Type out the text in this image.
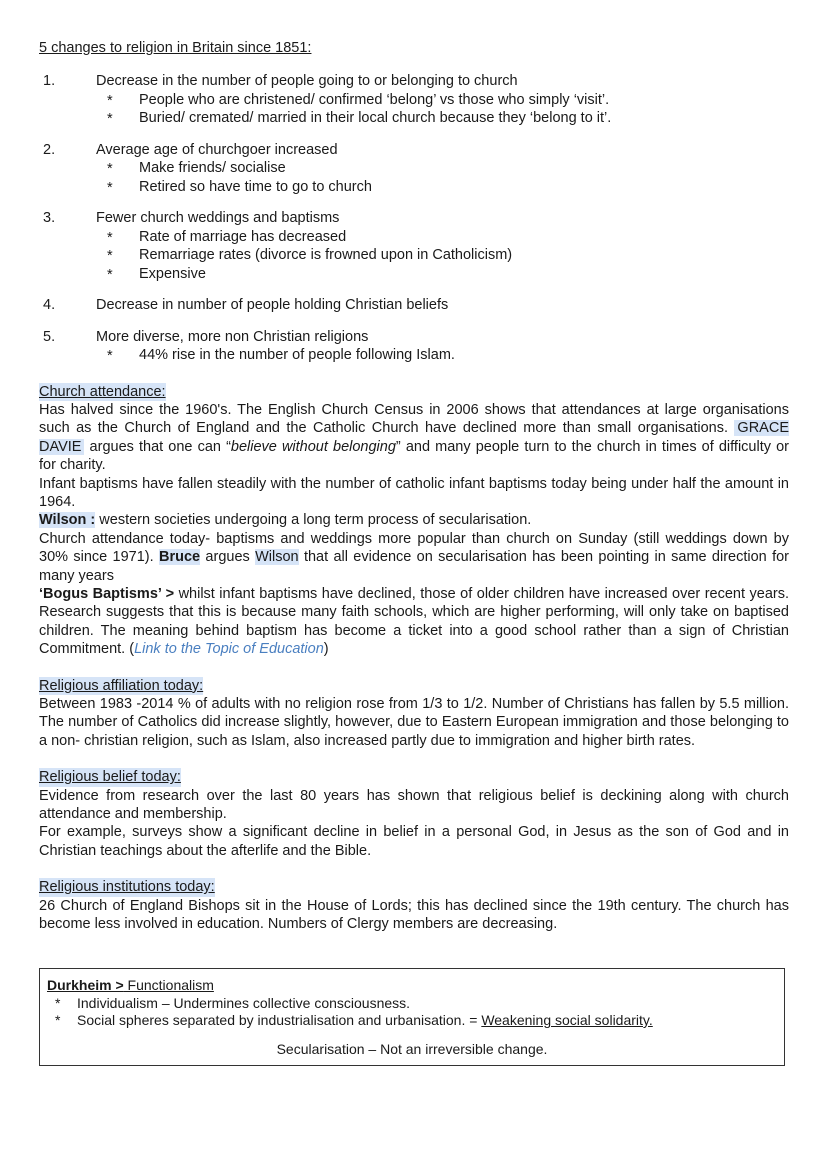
5 changes to religion in Britain since 1851:
1.	Decrease in the number of people going to or belonging to church
* People who are christened/ confirmed ‘belong’ vs those who simply ‘visit’.
* Buried/ cremated/ married in their local church because they ‘belong to it’.
2.	Average age of churchgoer increased
* Make friends/ socialise
* Retired so have time to go to church
3.	Fewer church weddings and baptisms
* Rate of marriage has decreased
* Remarriage rates (divorce is frowned upon in Catholicism)
* Expensive
4.	Decrease in number of people holding Christian beliefs
5.	More diverse, more non Christian religions
* 44% rise in the number of people following Islam.
Church attendance:
Has halved since the 1960's. The English Church Census in 2006 shows that attendances at large organisations such as the Church of England and the Catholic Church have declined more than small organisations. GRACE DAVIE argues that one can “believe without belonging” and many people turn to the church in times of difficulty or for charity.
Infant baptisms have fallen steadily with the number of catholic infant baptisms today being under half the amount in 1964.
Wilson : western societies undergoing a long term process of secularisation.
Church attendance today- baptisms and weddings more popular than church on Sunday (still weddings down by 30% since 1971). Bruce argues Wilson that all evidence on secularisation has been pointing in same direction for many years
‘Bogus Baptisms’ > whilst infant baptisms have declined, those of older children have increased over recent years. Research suggests that this is because many faith schools, which are higher performing, will only take on baptised children. The meaning behind baptism has become a ticket into a good school rather than a sign of Christian Commitment. (Link to the Topic of Education)
Religious affiliation today:
Between 1983 -2014 % of adults with no religion rose from 1/3 to 1/2. Number of Christians has fallen by 5.5 million. The number of Catholics did increase slightly, however, due to Eastern European immigration and those belonging to a non- christian religion, such as Islam, also increased partly due to immigration and higher birth rates.
Religious belief today:
Evidence from research over the last 80 years has shown that religious belief is deckining along with church attendance and membership.
For example, surveys show a significant decline in belief in a personal God, in Jesus as the son of God and in Christian teachings about the afterlife and the Bible.
Religious institutions today:
26 Church of England Bishops sit in the House of Lords; this has declined since the 19th century. The church has become less involved in education. Numbers of Clergy members are decreasing.
Durkheim > Functionalism
* Individualism – Undermines collective consciousness.
* Social spheres separated by industrialisation and urbanisation. = Weakening social solidarity.
Secularisation – Not an irreversible change.
